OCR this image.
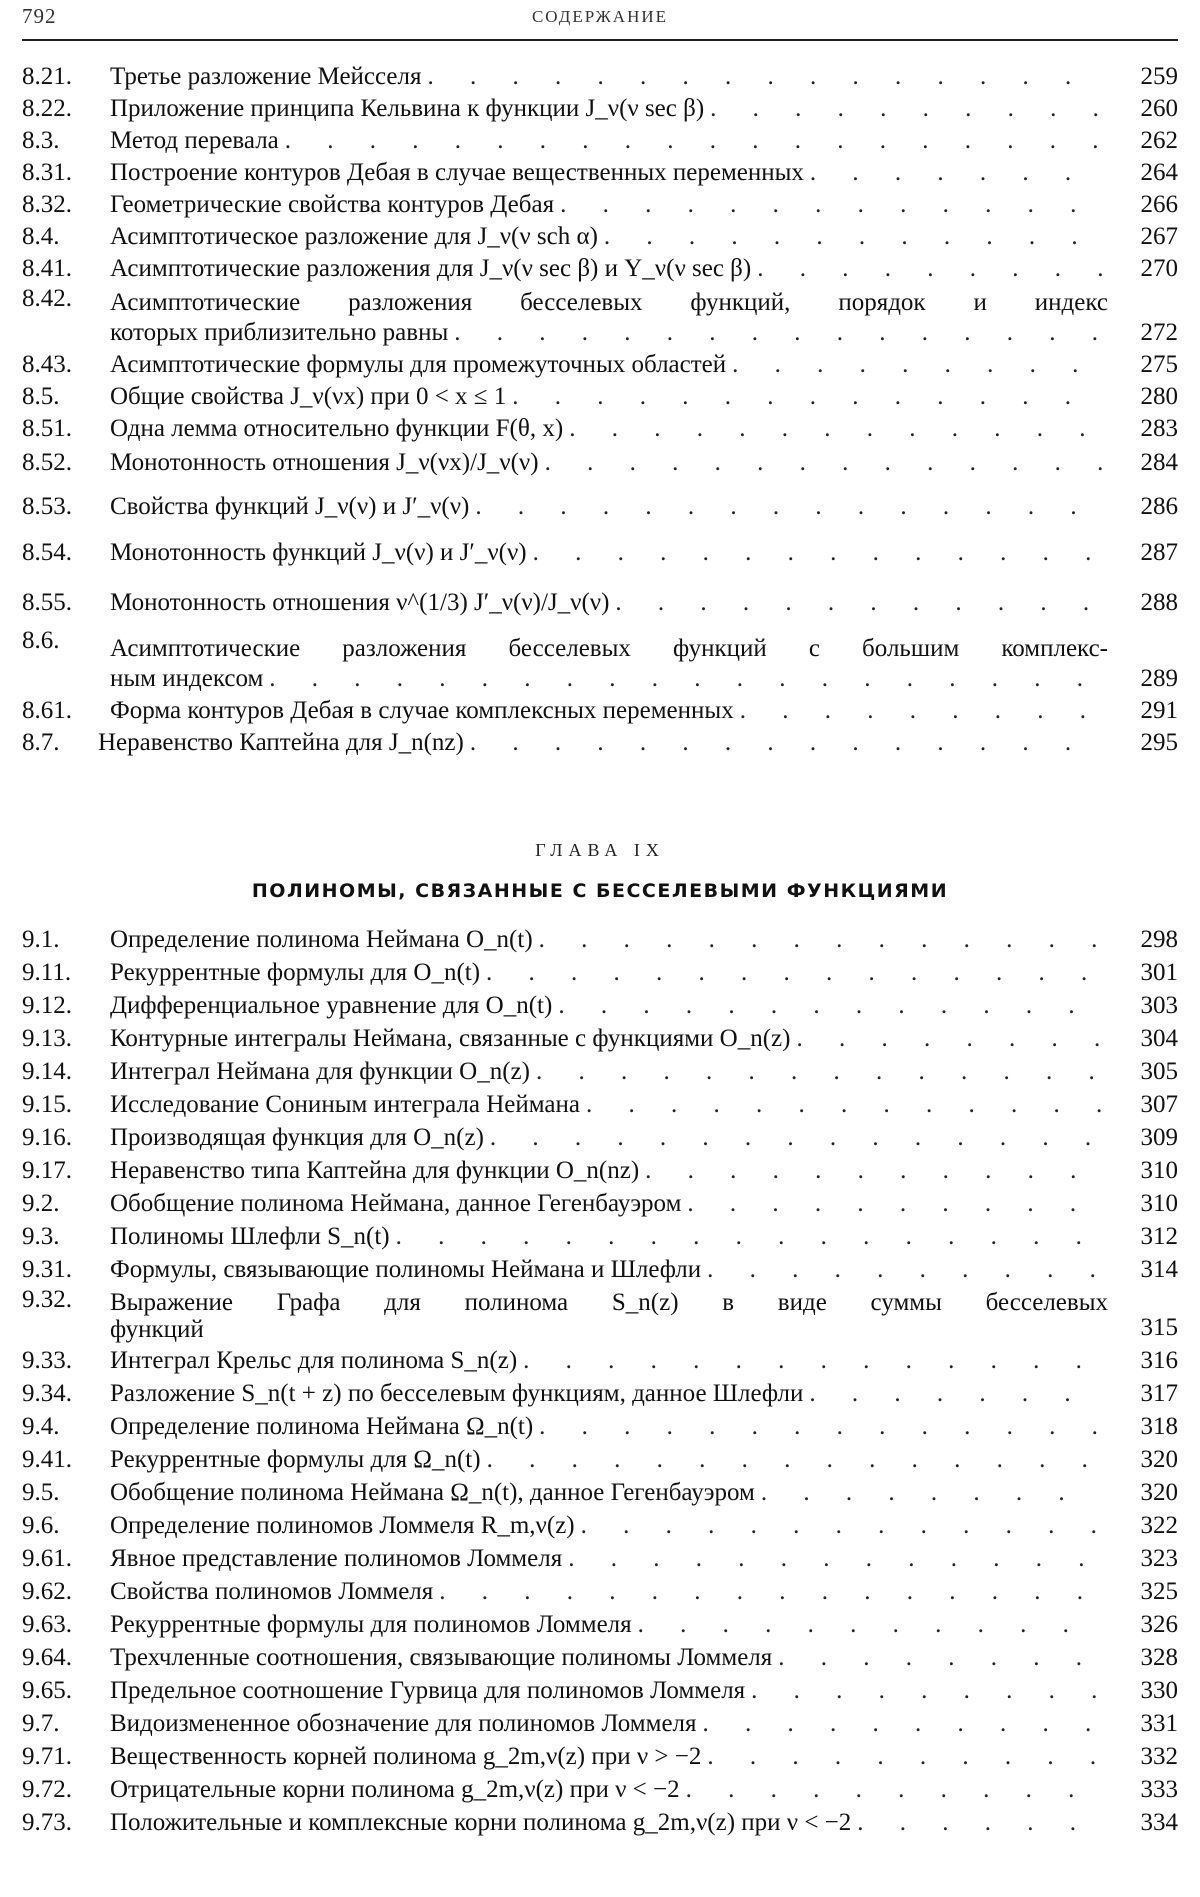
792	СОДЕРЖАНИЕ
8.21.	Третье разложение Мейсселя . . .	259
8.22.	Приложение принципа Кельвина к функции J_ν(ν sec β) . . .	260
8.3.	Метод перевала . . .	262
8.31.	Построение контуров Дебая в случае вещественных переменных . . .	264
8.32.	Геометрические свойства контуров Дебая . . .	266
8.4.	Асимптотическое разложение для J_ν(ν sch α) . . .	267
8.41.	Асимптотические разложения для J_ν(ν sec β) и Y_ν(ν sec β) . . .	270
8.42.	Асимптотические разложения бесселевых функций, порядок и индекс
которых приблизительно равны . . .	272
8.43.	Асимптотические формулы для промежуточных областей . . .	275
8.5.	Общие свойства J_ν(νx) при 0 < x ≤ 1 . . .	280
8.51.	Одна лемма относительно функции F(θ, x) . . .	283
8.52.	Монотонность отношения J_ν(νx)/J_ν(ν) . . .	284
8.53.	Свойства функций J_ν(ν) и J′_ν(ν) . . .	286
8.54.	Монотонность функций J_ν(ν) и J′_ν(ν) . . .	287
8.55.	Монотонность отношения ν^(1/3) J′_ν(ν)/J_ν(ν) . . .	288
8.6.	Асимптотические разложения бесселевых функций с большим комплекс-
ным индексом . . .	289
8.61.	Форма контуров Дебая в случае комплексных переменных . . .	291
8.7.	Неравенство Каптейна для J_n(nz) . . .	295
ГЛАВА IX
ПОЛИНОМЫ, СВЯЗАННЫЕ С БЕССЕЛЕВЫМИ ФУНКЦИЯМИ
9.1.	Определение полинома Неймана O_n(t) . . .	298
9.11.	Рекуррентные формулы для O_n(t) . . .	301
9.12.	Дифференциальное уравнение для O_n(t) . . .	303
9.13.	Контурные интегралы Неймана, связанные с функциями O_n(z) . . .	304
9.14.	Интеграл Неймана для функции O_n(z) . . .	305
9.15.	Исследование Сониным интеграла Неймана . . .	307
9.16.	Производящая функция для O_n(z) . . .	309
9.17.	Неравенство типа Каптейна для функции O_n(nz) . . .	310
9.2.	Обобщение полинома Неймана, данное Гегенбауэром . . .	310
9.3.	Полиномы Шлефли S_n(t) . . .	312
9.31.	Формулы, связывающие полиномы Неймана и Шлефли . . .	314
9.32.	Выражение Графа для полинома S_n(z) в виде суммы бесселевых
функций	315
9.33.	Интеграл Крельс для полинома S_n(z) . . .	316
9.34.	Разложение S_n(t + z) по бесселевым функциям, данное Шлефли . . .	317
9.4.	Определение полинома Неймана Ω_n(t) . . .	318
9.41.	Рекуррентные формулы для Ω_n(t) . . .	320
9.5.	Обобщение полинома Неймана Ω_n(t), данное Гегенбауэром . . .	320
9.6.	Определение полиномов Ломмеля R_m,ν(z) . . .	322
9.61.	Явное представление полиномов Ломмеля . . .	323
9.62.	Свойства полиномов Ломмеля . . .	325
9.63.	Рекуррентные формулы для полиномов Ломмеля . . .	326
9.64.	Трехчленные соотношения, связывающие полиномы Ломмеля . . .	328
9.65.	Предельное соотношение Гурвица для полиномов Ломмеля . . .	330
9.7.	Видоизмененное обозначение для полиномов Ломмеля . . .	331
9.71.	Вещественность корней полинома g_2m,ν(z) при ν > −2 . . .	332
9.72.	Отрицательные корни полинома g_2m,ν(z) при ν < −2 . . .	333
9.73.	Положительные и комплексные корни полинома g_2m,ν(z) при ν < −2 . . .	334
